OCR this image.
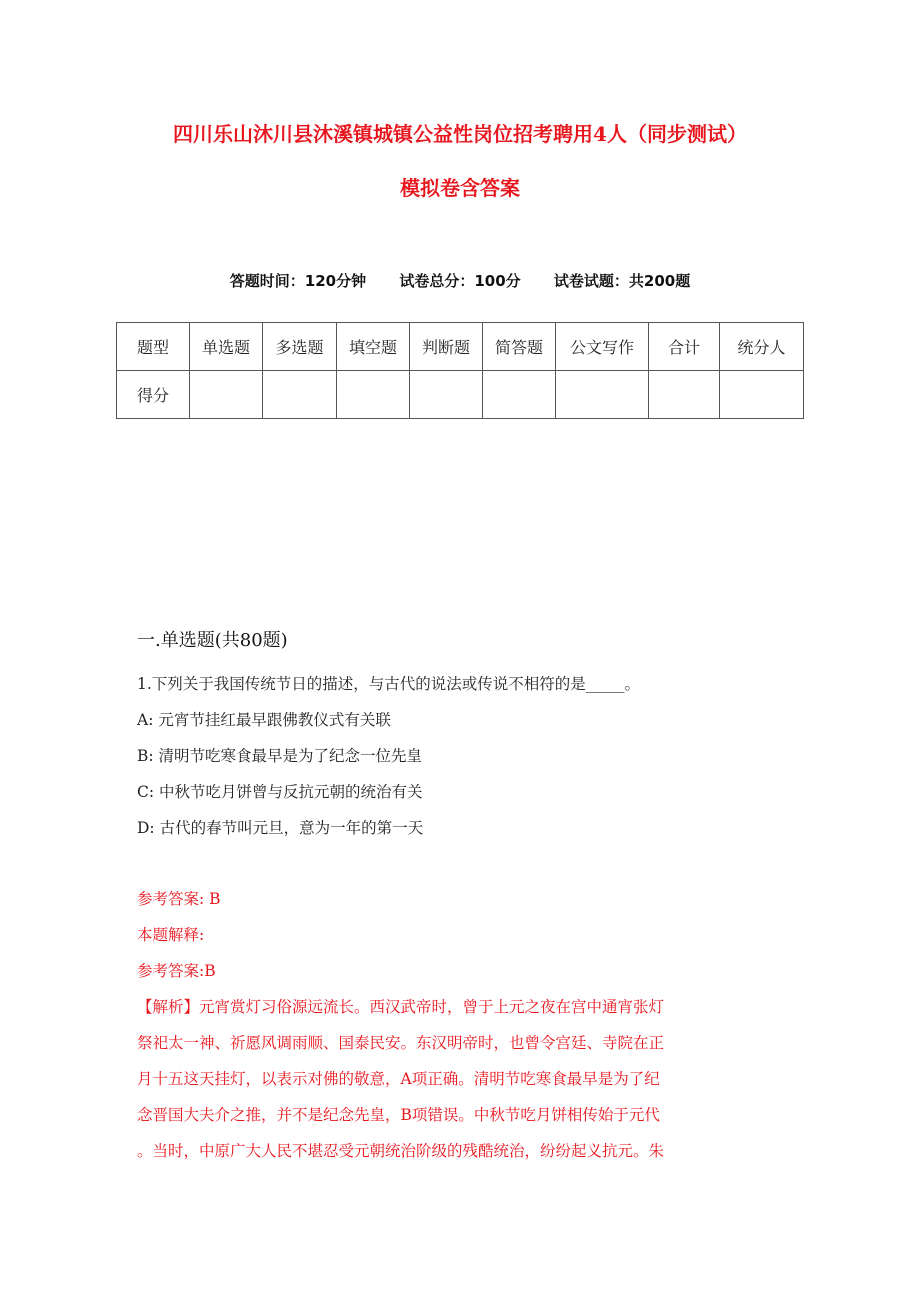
四川乐山沐川县沐溪镇城镇公益性岗位招考聘用4人（同步测试）
模拟卷含答案
答题时间：120分钟 试卷总分：100分 试卷试题：共200题
题型	单选题	多选题	填空题	判断题	简答题	公文写作	合计	统分人
得分								
一.单选题(共80题)
1.下列关于我国传统节日的描述，与古代的说法或传说不相符的是_____。
A: 元宵节挂红最早跟佛教仪式有关联
B: 清明节吃寒食最早是为了纪念一位先皇
C: 中秋节吃月饼曾与反抗元朝的统治有关
D: 古代的春节叫元旦，意为一年的第一天
参考答案: B
本题解释:
参考答案:B
【解析】元宵赏灯习俗源远流长。西汉武帝时，曾于上元之夜在宫中通宵张灯
祭祀太一神、祈愿风调雨顺、国泰民安。东汉明帝时，也曾令宫廷、寺院在正
月十五这天挂灯，以表示对佛的敬意，A项正确。清明节吃寒食最早是为了纪
念晋国大夫介之推，并不是纪念先皇，B项错误。中秋节吃月饼相传始于元代
。当时，中原广大人民不堪忍受元朝统治阶级的残酷统治，纷纷起义抗元。朱
